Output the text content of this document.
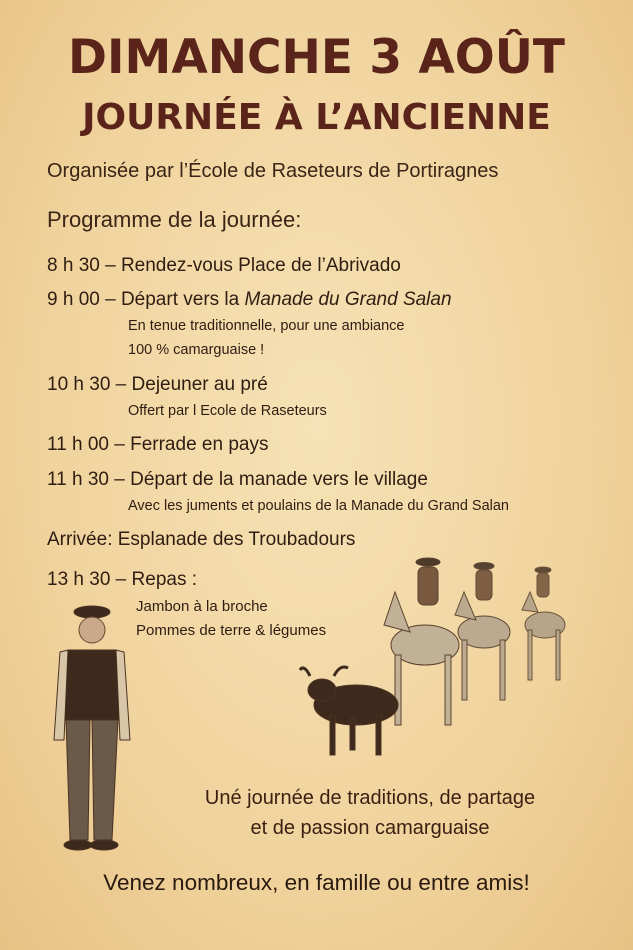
DIMANCHE 3 AOÛT
JOURNÉE À L’ANCIENNE
Organisée par l’École de Raseteurs de Portiragnes
Programme de la journée:
8 h 30 – Rendez-vous Place de l’Abrivado
9 h 00 – Départ vers la Manade du Grand Salan
En tenue traditionnelle, pour une ambiance
100 % camarguaise !
10 h 30 – Dejeuner au pré
Offert par l Ecole de Raseteurs
11 h 00 – Ferrade en pays
11 h 30 – Départ de la manade vers le village
Avec les juments et poulains de la Manade du Grand Salan
Arrivée: Esplanade des Troubadours
13 h 30 – Repas :
Jambon à la broche
Pommes de terre & légumes
Uné journée de traditions, de partage
et de passion camarguaise
Venez nombreux, en famille ou entre amis!
